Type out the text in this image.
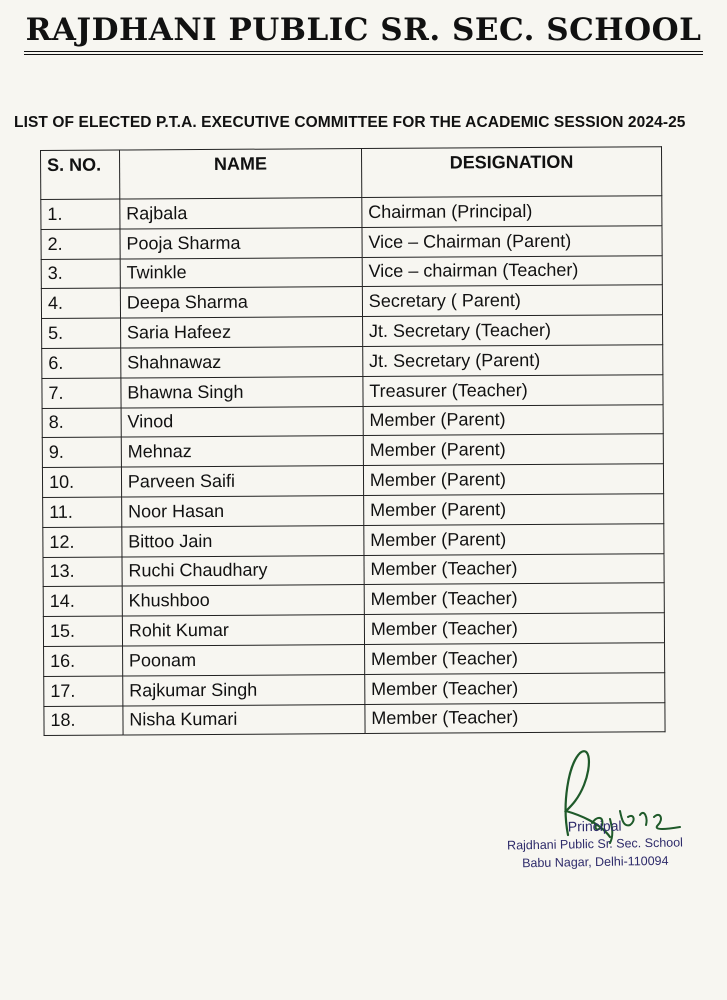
RAJDHANI PUBLIC SR. SEC. SCHOOL
LIST OF ELECTED P.T.A. EXECUTIVE COMMITTEE FOR THE ACADEMIC SESSION 2024-25
S. NO.	NAME	DESIGNATION
1.	Rajbala	Chairman (Principal)
2.	Pooja Sharma	Vice – Chairman (Parent)
3.	Twinkle	Vice – chairman (Teacher)
4.	Deepa Sharma	Secretary ( Parent)
5.	Saria Hafeez	Jt. Secretary (Teacher)
6.	Shahnawaz	Jt. Secretary (Parent)
7.	Bhawna Singh	Treasurer (Teacher)
8.	Vinod	Member (Parent)
9.	Mehnaz	Member (Parent)
10.	Parveen Saifi	Member (Parent)
11.	Noor Hasan	Member (Parent)
12.	Bittoo Jain	Member (Parent)
13.	Ruchi Chaudhary	Member (Teacher)
14.	Khushboo	Member (Teacher)
15.	Rohit Kumar	Member (Teacher)
16.	Poonam	Member (Teacher)
17.	Rajkumar Singh	Member (Teacher)
18.	Nisha Kumari	Member (Teacher)
Principal
Rajdhani Public Sr. Sec. School
Babu Nagar, Delhi-110094
